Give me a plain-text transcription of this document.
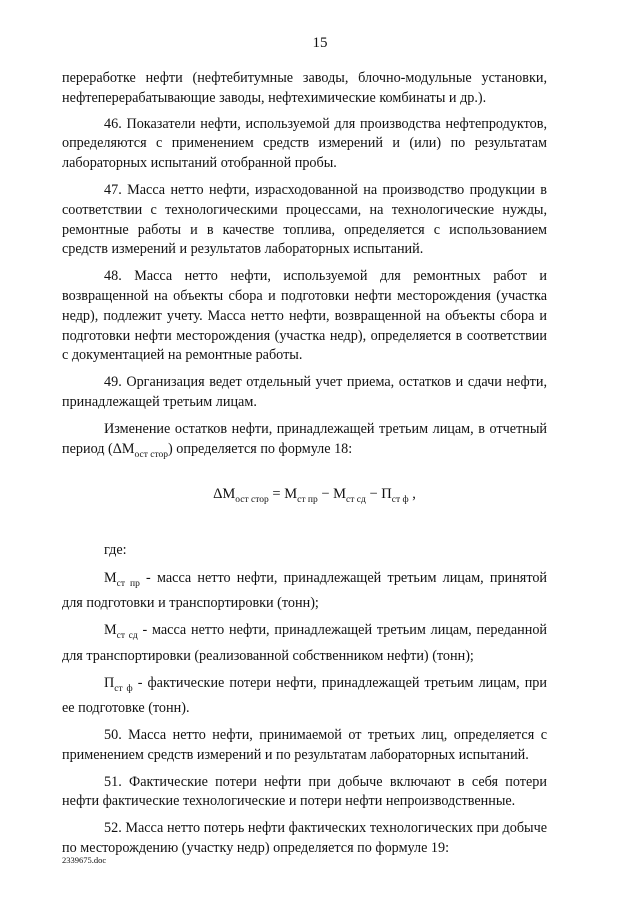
15

переработке нефти (нефтебитумные заводы, блочно-модульные установки, нефтеперерабатывающие заводы, нефтехимические комбинаты и др.).

46. Показатели нефти, используемой для производства нефтепродуктов, определяются с применением средств измерений и (или) по результатам лабораторных испытаний отобранной пробы.

47. Масса нетто нефти, израсходованной на производство продукции в соответствии с технологическими процессами, на технологические нужды, ремонтные работы и в качестве топлива, определяется с использованием средств измерений и результатов лабораторных испытаний.

48. Масса нетто нефти, используемой для ремонтных работ и возвращенной на объекты сбора и подготовки нефти месторождения (участка недр), подлежит учету. Масса нетто нефти, возвращенной на объекты сбора и подготовки нефти месторождения (участка недр), определяется в соответствии с документацией на ремонтные работы.

49. Организация ведет отдельный учет приема, остатков и сдачи нефти, принадлежащей третьим лицам.

Изменение остатков нефти, принадлежащей третьим лицам, в отчетный период $(\Delta M_{ост стор})$ определяется по формуле 18:

$\Delta M_{ост стор} = M_{ст пр} - M_{ст сд} - П_{ст ф}$ ,

где:

$M_{ст пр}$ - масса нетто нефти, принадлежащей третьим лицам, принятой для подготовки и транспортировки (тонн);

$M_{ст сд}$ - масса нетто нефти, принадлежащей третьим лицам, переданной для транспортировки (реализованной собственником нефти) (тонн);

$П_{ст ф}$ - фактические потери нефти, принадлежащей третьим лицам, при ее подготовке (тонн).

50. Масса нетто нефти, принимаемой от третьих лиц, определяется с применением средств измерений и по результатам лабораторных испытаний.

51. Фактические потери нефти при добыче включают в себя потери нефти фактические технологические и потери нефти непроизводственные.

52. Масса нетто потерь нефти фактических технологических при добыче по месторождению (участку недр) определяется по формуле 19:

2339675.doc
